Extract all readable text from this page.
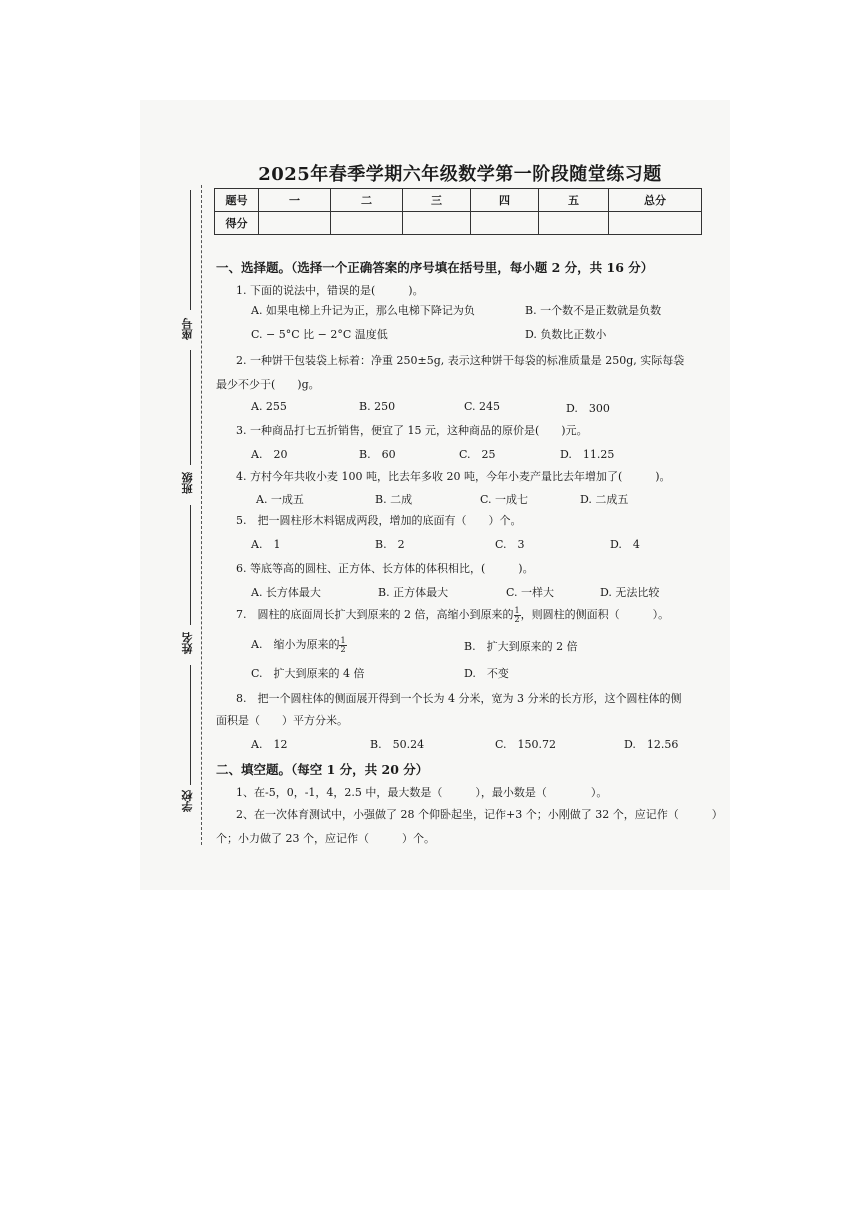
座号
班级
姓名
学校
2025年春季学期六年级数学第一阶段随堂练习题
题号	一	二	三	四	五	总分
得分						
一、选择题。（选择一个正确答案的序号填在括号里，每小题 2 分，共 16 分）
1. 下面的说法中，错误的是(　　　)。
A. 如果电梯上升记为正，那么电梯下降记为负	B. 一个数不是正数就是负数
C. − 5°C 比 − 2°C 温度低	D. 负数比正数小
2. 一种饼干包装袋上标着：净重 250±5g, 表示这种饼干每袋的标准质量是 250g, 实际每袋
最少不少于(　　)g。
A. 255	B. 250	C. 245	D.　300
3. 一种商品打七五折销售，便宜了 15 元，这种商品的原价是(　　)元。
A.　20	B.　60	C.　25	D.　11.25
4. 方村今年共收小麦 100 吨，比去年多收 20 吨，今年小麦产量比去年增加了(　　　)。
A. 一成五	B. 二成	C. 一成七	D. 二成五
5.　把一圆柱形木料锯成两段，增加的底面有（　　）个。
A.　1	B.　2	C.　3	D.　4
6. 等底等高的圆柱、正方体、长方体的体积相比，(　　　)。
A. 长方体最大	B. 正方体最大	C. 一样大	D. 无法比较
7.　圆柱的底面周长扩大到原来的 2 倍，高缩小到原来的 $\frac{1}{2}$ ，则圆柱的侧面积（　　　）。
A.　缩小为原来的 $\frac{1}{2}$	B.　扩大到原来的 2 倍
C.　扩大到原来的 4 倍	D.　不变
8.　把一个圆柱体的侧面展开得到一个长为 4 分米，宽为 3 分米的长方形，这个圆柱体的侧
面积是（　　）平方分米。
A.　12	B.　50.24	C.　150.72	D.　12.56
二、填空题。（每空 1 分，共 20 分）
1、在-5，0，-1，4，2.5 中，最大数是（　　　），最小数是（　　　　）。
2、在一次体育测试中，小强做了 28 个仰卧起坐，记作+3 个；小刚做了 32 个，应记作（　　　）
个；小力做了 23 个，应记作（　　　）个。
